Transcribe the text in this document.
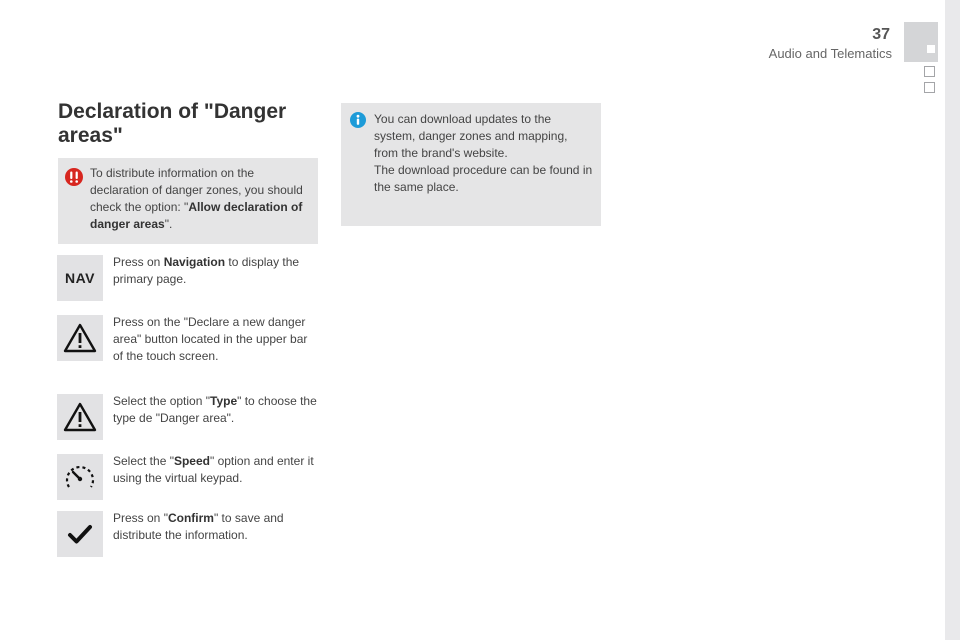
37
Audio and Telematics
Declaration of "Danger areas"

To distribute information on the declaration of danger zones, you should check the option: "Allow declaration of danger areas".

You can download updates to the system, danger zones and mapping, from the brand's website.
The download procedure can be found in the same place.

NAV

Press on Navigation to display the primary page.

Press on the "Declare a new danger area" button located in the upper bar of the touch screen.

Select the option "Type" to choose the type de "Danger area".

Select the "Speed" option and enter it using the virtual keypad.

Press on "Confirm" to save and distribute the information.
